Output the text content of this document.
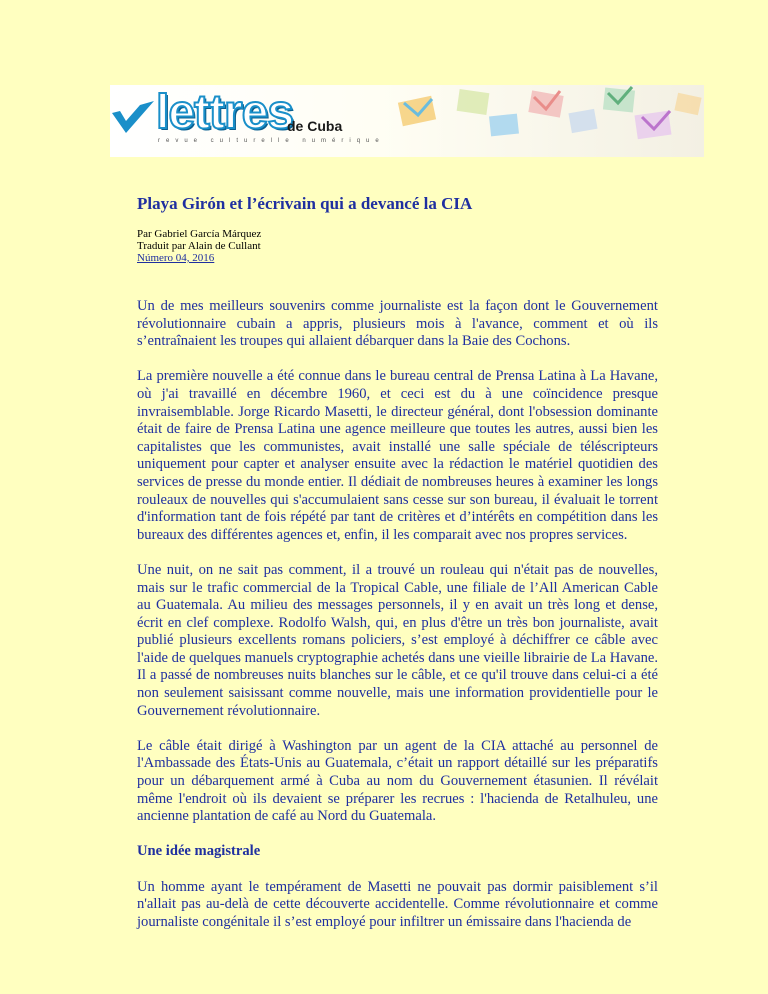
lettres
de Cuba
revue culturelle numérique
Playa Girón et l’écrivain qui a devancé la CIA
Par Gabriel García Márquez
Traduit par Alain de Cullant
Número 04, 2016

Un de mes meilleurs souvenirs comme journaliste est la façon dont le Gouvernement révolutionnaire cubain a appris, plusieurs mois à l'avance, comment et où ils s’entraînaient les troupes qui allaient débarquer dans la Baie des Cochons.

La première nouvelle a été connue dans le bureau central de Prensa Latina à La Havane, où j'ai travaillé en décembre 1960, et ceci est du à une coïncidence presque invraisemblable. Jorge Ricardo Masetti, le directeur général, dont l'obsession dominante était de faire de Prensa Latina une agence meilleure que toutes les autres, aussi bien les capitalistes que les communistes, avait installé une salle spéciale de téléscripteurs uniquement pour capter et analyser ensuite avec la rédaction le matériel quotidien des services de presse du monde entier. Il dédiait de nombreuses heures à examiner les longs rouleaux de nouvelles qui s'accumulaient sans cesse sur son bureau, il évaluait le torrent d'information tant de fois répété par tant de critères et d’intérêts en compétition dans les bureaux des différentes agences et, enfin, il les comparait avec nos propres services.

Une nuit, on ne sait pas comment, il a trouvé un rouleau qui n'était pas de nouvelles, mais sur le trafic commercial de la Tropical Cable, une filiale de l’All American Cable au Guatemala. Au milieu des messages personnels, il y en avait un très long et dense, écrit en clef complexe. Rodolfo Walsh, qui, en plus d'être un très bon journaliste, avait publié plusieurs excellents romans policiers, s’est employé à déchiffrer ce câble avec l'aide de quelques manuels cryptographie achetés dans une vieille librairie de La Havane. Il a passé de nombreuses nuits blanches sur le câble, et ce qu'il trouve dans celui-ci a été non seulement saisissant comme nouvelle, mais une information providentielle pour le Gouvernement révolutionnaire.

Le câble était dirigé à Washington par un agent de la CIA attaché au personnel de l'Ambassade des États-Unis au Guatemala, c’était un rapport détaillé sur les préparatifs pour un débarquement armé à Cuba au nom du Gouvernement étasunien. Il révélait même l'endroit où ils devaient se préparer les recrues : l'hacienda de Retalhuleu, une ancienne plantation de café au Nord du Guatemala.

Une idée magistrale

Un homme ayant le tempérament de Masetti ne pouvait pas dormir paisiblement s’il n'allait pas au-delà de cette découverte accidentelle. Comme révolutionnaire et comme journaliste congénitale il s’est employé pour infiltrer un émissaire dans l'hacienda de
